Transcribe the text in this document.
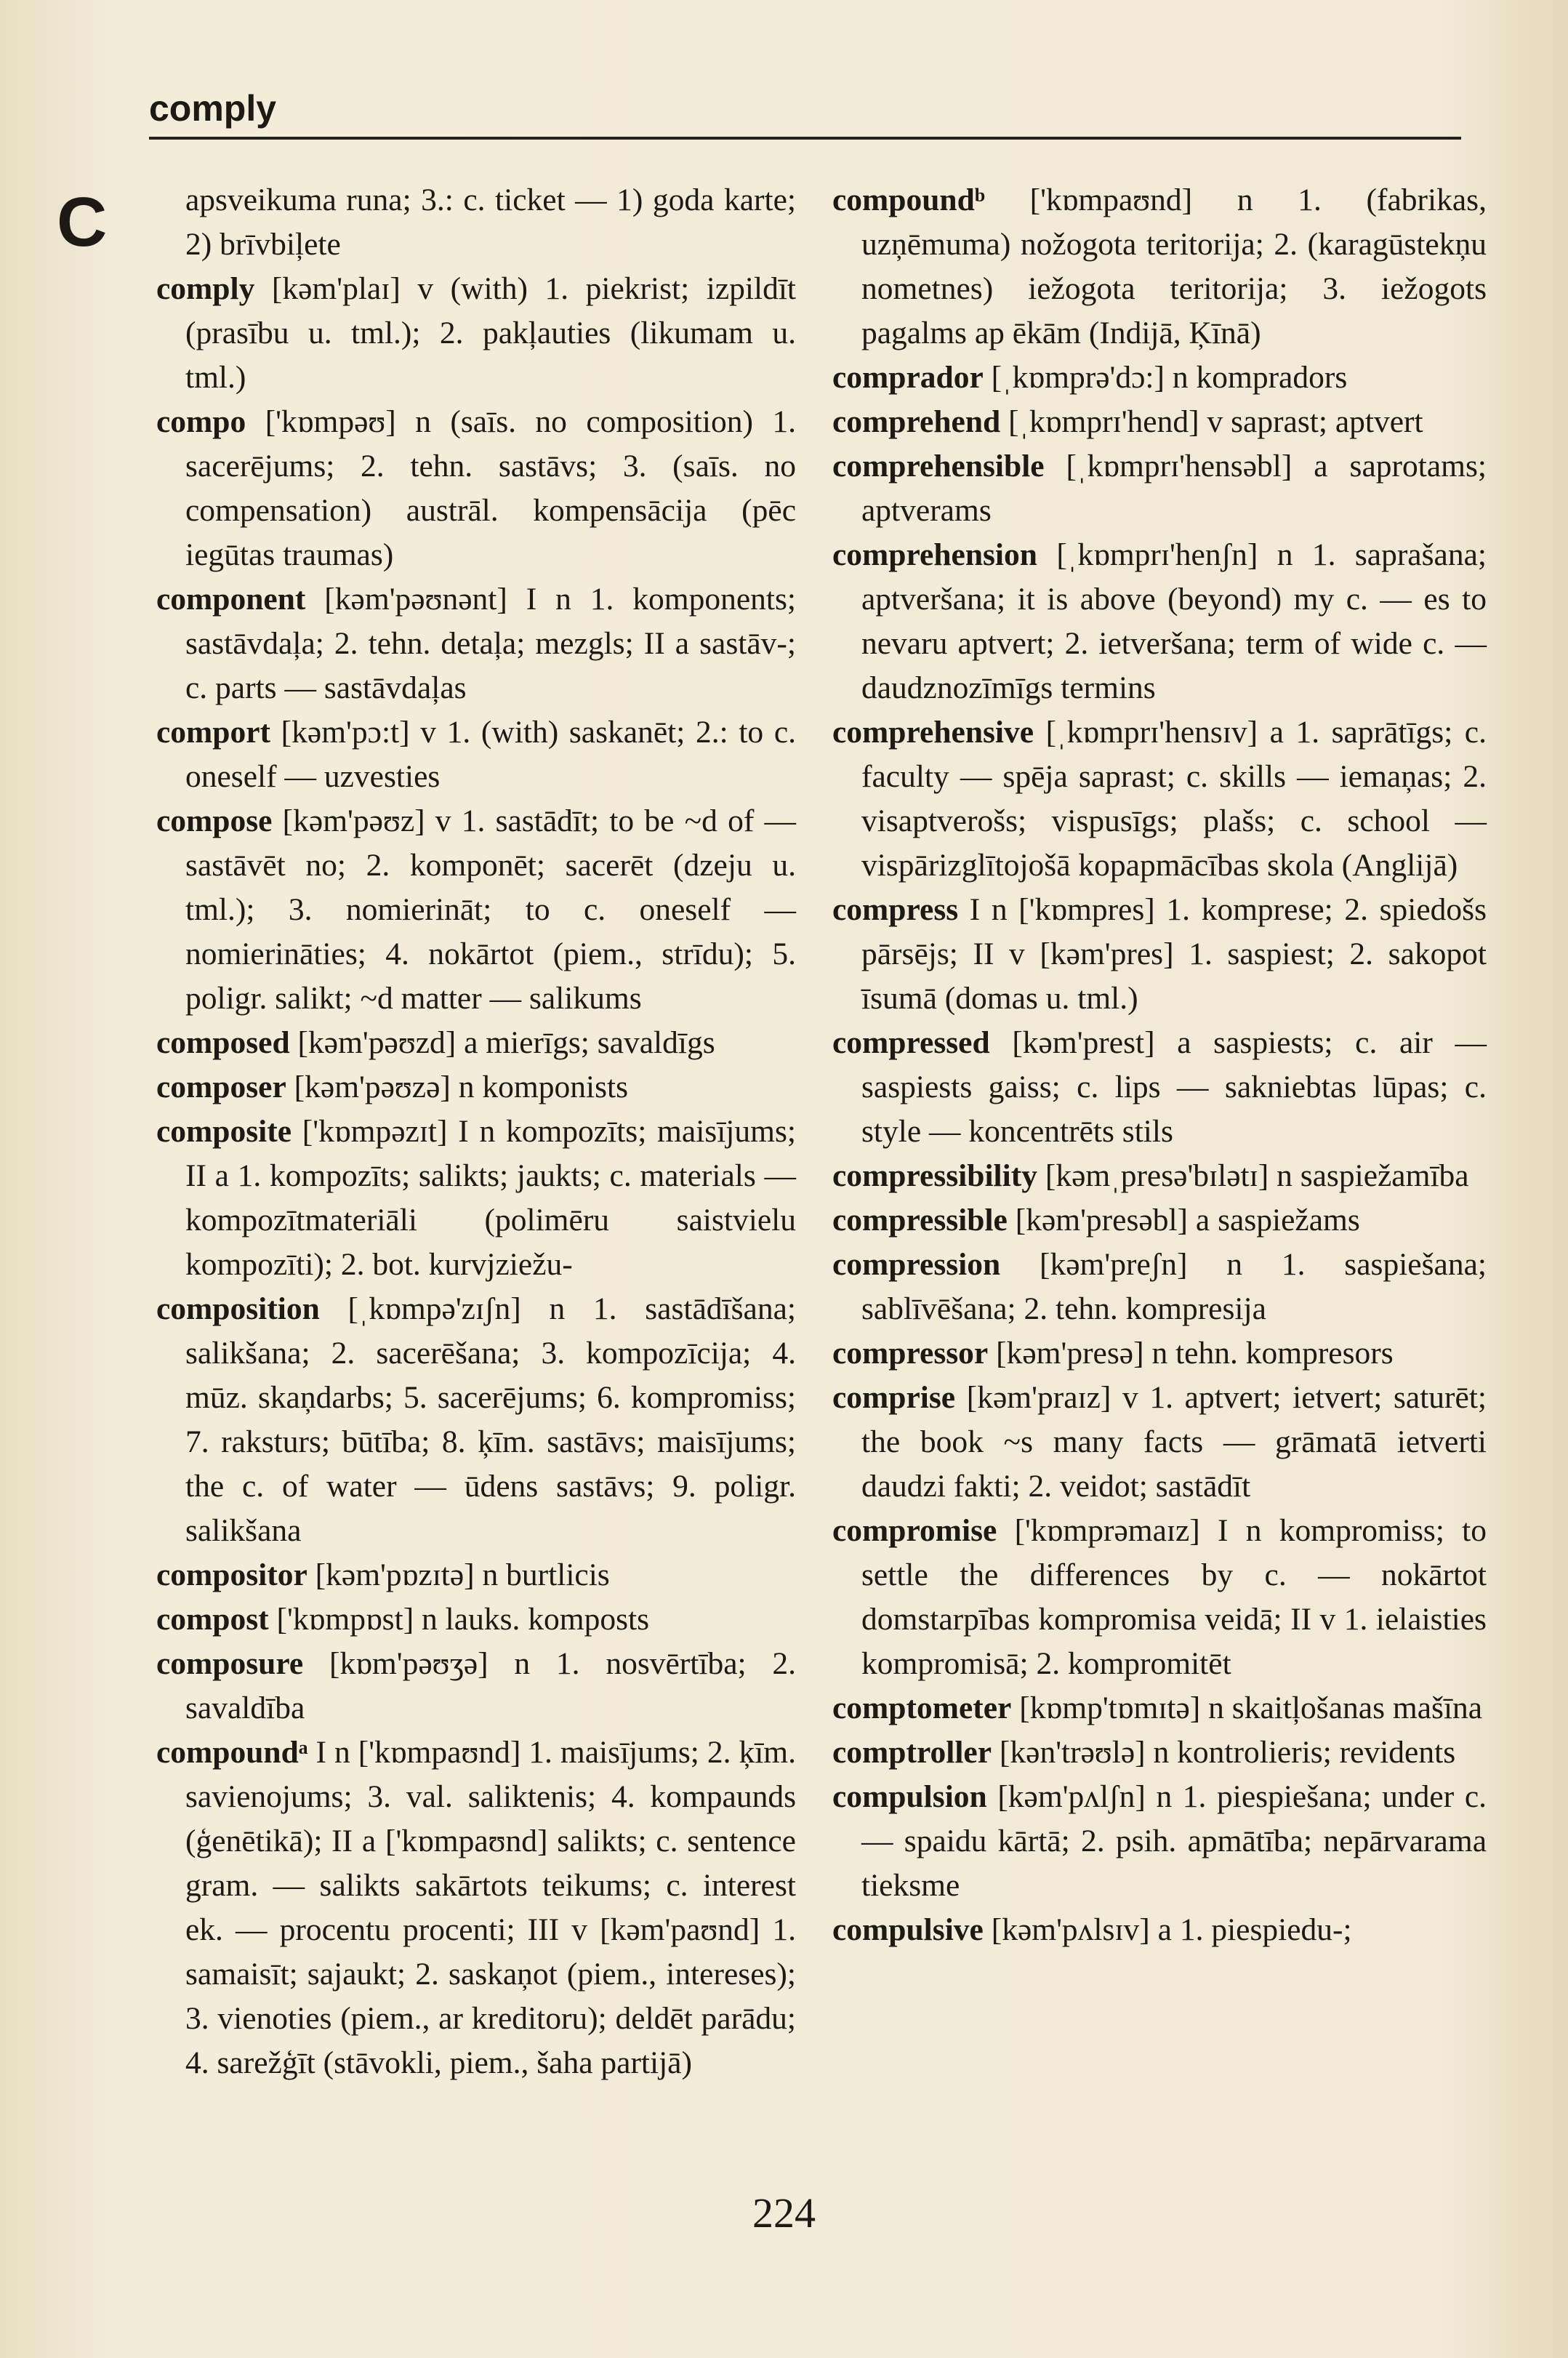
comply
C	apsveikuma runa; 3.: c. ticket — 1) goda karte; 2) brīvbiļete

comply [kəm'plaɪ] v (with) 1. piekrist; izpildīt (prasību u. tml.); 2. pakļauties (likumam u. tml.)

compo ['kɒmpəʊ] n (saīs. no composition) 1. sacerējums; 2. tehn. sastāvs; 3. (saīs. no compensation) austrāl. kompensācija (pēc iegūtas traumas)

component [kəm'pəʊnənt] I n 1. komponents; sastāvdaļa; 2. tehn. detaļa; mezgls; II a sastāv-; c. parts — sastāvdaļas

comport [kəm'pɔ:t] v 1. (with) saskanēt; 2.: to c. oneself — uzvesties

compose [kəm'pəʊz] v 1. sastādīt; to be ~d of — sastāvēt no; 2. komponēt; sacerēt (dzeju u. tml.); 3. nomierināt; to c. oneself — nomierināties; 4. nokārtot (piem., strīdu); 5. poligr. salikt; ~d matter — salikums

composed [kəm'pəʊzd] a mierīgs; savaldīgs

composer [kəm'pəʊzə] n komponists

composite ['kɒmpəzɪt] I n kompozīts; maisījums; II a 1. kompozīts; salikts; jaukts; c. materials — kompozītmateriāli (polimēru saistvielu kompozīti); 2. bot. kurvjziežu-

composition [ˌkɒmpə'zɪʃn] n 1. sastādīšana; salikšana; 2. sacerēšana; 3. kompozīcija; 4. mūz. skaņdarbs; 5. sacerējums; 6. kompromiss; 7. raksturs; būtība; 8. ķīm. sastāvs; maisījums; the c. of water — ūdens sastāvs; 9. poligr. salikšana

compositor [kəm'pɒzɪtə] n burtlicis

compost ['kɒmpɒst] n lauks. komposts

composure [kɒm'pəʊʒə] n 1. nosvērtība; 2. savaldība

compoundᵃ I n ['kɒmpaʊnd] 1. maisījums; 2. ķīm. savienojums; 3. val. saliktenis; 4. kompaunds (ģenētikā); II a ['kɒmpaʊnd] salikts; c. sentence gram. — salikts sakārtots teikums; c. interest ek. — procentu procenti; III v [kəm'paʊnd] 1. samaisīt; sajaukt; 2. saskaņot (piem., intereses); 3. vienoties (piem., ar kreditoru); deldēt parādu; 4. sarežģīt (stāvokli, piem., šaha partijā)

compoundᵇ ['kɒmpaʊnd] n 1. (fabrikas, uzņēmuma) nožogota teritorija; 2. (karagūstekņu nometnes) iežogota teritorija; 3. iežogots pagalms ap ēkām (Indijā, Ķīnā)

comprador [ˌkɒmprə'dɔ:] n kompradors

comprehend [ˌkɒmprɪ'hend] v saprast; aptvert

comprehensible [ˌkɒmprɪ'hensəbl] a saprotams; aptverams

comprehension [ˌkɒmprɪ'henʃn] n 1. saprašana; aptveršana; it is above (beyond) my c. — es to nevaru aptvert; 2. ietveršana; term of wide c. — daudznozīmīgs termins

comprehensive [ˌkɒmprɪ'hensɪv] a 1. saprātīgs; c. faculty — spēja saprast; c. skills — iemaņas; 2. visaptverošs; vispusīgs; plašs; c. school — vispārizglītojošā kopapmācības skola (Anglijā)

compress I n ['kɒmpres] 1. komprese; 2. spiedošs pārsējs; II v [kəm'pres] 1. saspiest; 2. sakopot īsumā (domas u. tml.)

compressed [kəm'prest] a saspiests; c. air — saspiests gaiss; c. lips — sakniebtas lūpas; c. style — koncentrēts stils

compressibility [kəmˌpresə'bɪlətɪ] n saspiežamība

compressible [kəm'presəbl] a saspiežams

compression [kəm'preʃn] n 1. saspiešana; sablīvēšana; 2. tehn. kompresija

compressor [kəm'presə] n tehn. kompresors

comprise [kəm'praɪz] v 1. aptvert; ietvert; saturēt; the book ~s many facts — grāmatā ietverti daudzi fakti; 2. veidot; sastādīt

compromise ['kɒmprəmaɪz] I n kompromiss; to settle the differences by c. — nokārtot domstarpības kompromisa veidā; II v 1. ielaisties kompromisā; 2. kompromitēt

comptometer [kɒmp'tɒmɪtə] n skaitļošanas mašīna

comptroller [kən'trəʊlə] n kontrolieris; revidents

compulsion [kəm'pʌlʃn] n 1. piespiešana; under c. — spaidu kārtā; 2. psih. apmātība; nepārvarama tieksme

compulsive [kəm'pʌlsɪv] a 1. piespiedu-;

224
